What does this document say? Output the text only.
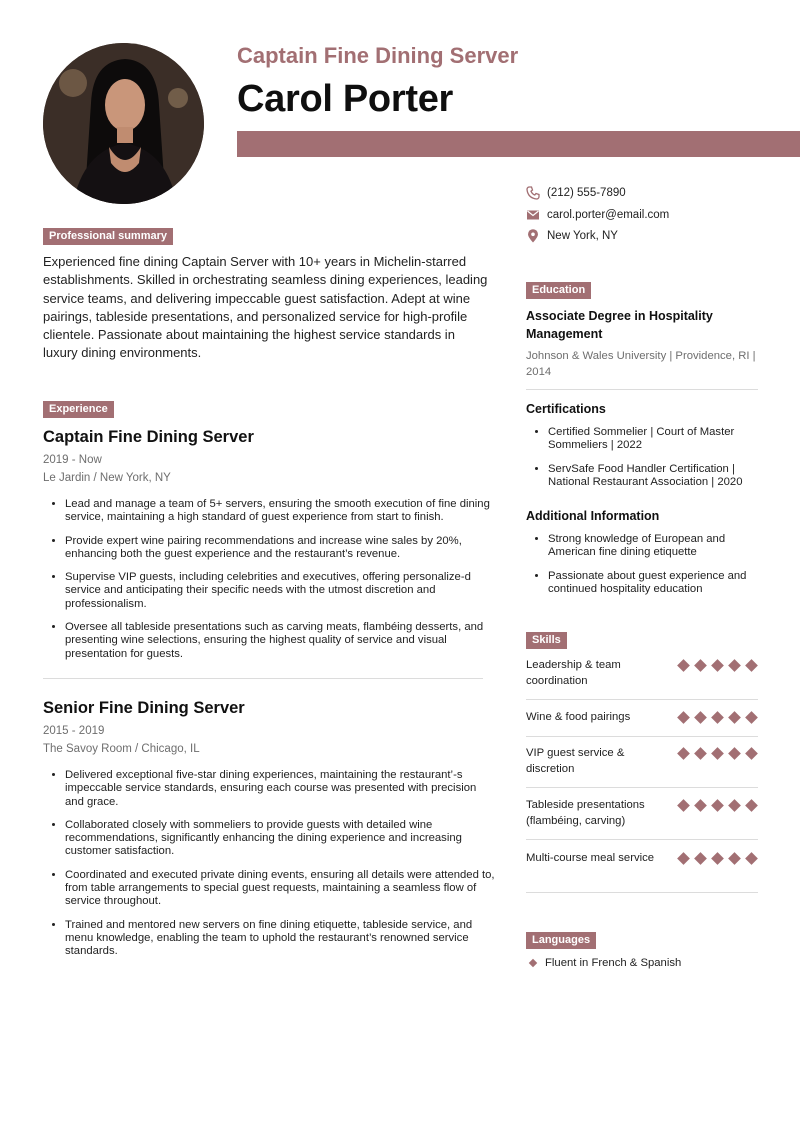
Captain Fine Dining Server
Carol Porter
(212) 555-7890
carol.porter@email.com
New York, NY
Professional summary
Experienced fine dining Captain Server with 10+ years in Michelin-starred establishments. Skilled in orchestrating seamless dining experiences, leading service teams, and delivering impeccable guest satisfaction. Adept at wine pairings, tableside presentations, and personalized service for high-profile clientele. Passionate about maintaining the highest service standards in luxury dining environments.
Experience
Captain Fine Dining Server
2019 - Now
Le Jardin / New York, NY
• Lead and manage a team of 5+ servers, ensuring the smooth execution of fine dining service, maintaining a high standard of guest experience from start to finish.
• Provide expert wine pairing recommendations and increase wine sales by 20%, enhancing both the guest experience and the restaurant’s revenue.
• Supervise VIP guests, including celebrities and executives, offering personalize-d service and anticipating their specific needs with the utmost discretion and professionalism.
• Oversee all tableside presentations such as carving meats, flambéing desserts, and presenting wine selections, ensuring the highest quality of service and visual presentation for guests.
Senior Fine Dining Server
2015 - 2019
The Savoy Room / Chicago, IL
• Delivered exceptional five-star dining experiences, maintaining the restaurant’-s impeccable service standards, ensuring each course was presented with precision and grace.
• Collaborated closely with sommeliers to provide guests with detailed wine recommendations, significantly enhancing the dining experience and increasing customer satisfaction.
• Coordinated and executed private dining events, ensuring all details were attended to, from table arrangements to special guest requests, maintaining a seamless flow of service throughout.
• Trained and mentored new servers on fine dining etiquette, tableside service, and menu knowledge, enabling the team to uphold the restaurant’s renowned service standards.
Education
Associate Degree in Hospitality Management
Johnson & Wales University | Providence, RI | 2014
Certifications
• Certified Sommelier | Court of Master Sommeliers | 2022
• ServSafe Food Handler Certification | National Restaurant Association | 2020
Additional Information
• Strong knowledge of European and American fine dining etiquette
• Passionate about guest experience and continued hospitality education
Skills
Leadership & team coordination
Wine & food pairings
VIP guest service & discretion
Tableside presentations (flambéing, carving)
Multi-course meal service
Languages
Fluent in French & Spanish
